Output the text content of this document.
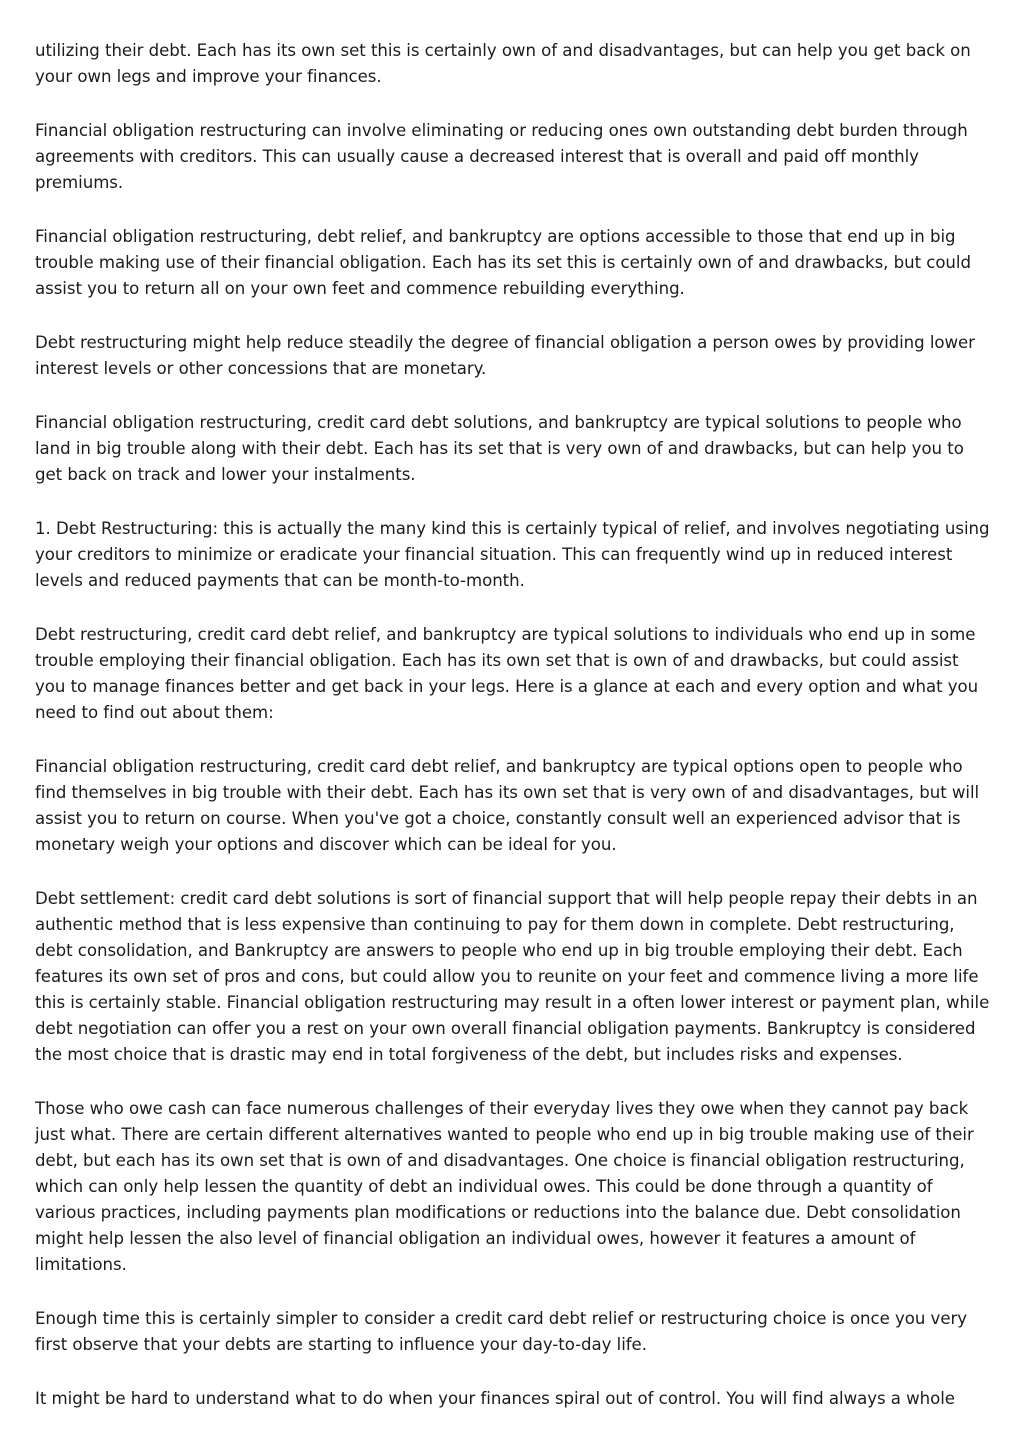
utilizing their debt. Each has its own set this is certainly own of and disadvantages, but can help you get back on your own legs and improve your finances.

Financial obligation restructuring can involve eliminating or reducing ones own outstanding debt burden through agreements with creditors. This can usually cause a decreased interest that is overall and paid off monthly premiums.

Financial obligation restructuring, debt relief, and bankruptcy are options accessible to those that end up in big trouble making use of their financial obligation. Each has its set this is certainly own of and drawbacks, but could assist you to return all on your own feet and commence rebuilding everything.

Debt restructuring might help reduce steadily the degree of financial obligation a person owes by providing lower interest levels or other concessions that are monetary.

Financial obligation restructuring, credit card debt solutions, and bankruptcy are typical solutions to people who land in big trouble along with their debt. Each has its set that is very own of and drawbacks, but can help you to get back on track and lower your instalments.

1. Debt Restructuring: this is actually the many kind this is certainly typical of relief, and involves negotiating using your creditors to minimize or eradicate your financial situation. This can frequently wind up in reduced interest levels and reduced payments that can be month-to-month.

Debt restructuring, credit card debt relief, and bankruptcy are typical solutions to individuals who end up in some trouble employing their financial obligation. Each has its own set that is own of and drawbacks, but could assist you to manage finances better and get back in your legs. Here is a glance at each and every option and what you need to find out about them:

Financial obligation restructuring, credit card debt relief, and bankruptcy are typical options open to people who find themselves in big trouble with their debt. Each has its own set that is very own of and disadvantages, but will assist you to return on course. When you've got a choice, constantly consult well an experienced advisor that is monetary weigh your options and discover which can be ideal for you.

Debt settlement: credit card debt solutions is sort of financial support that will help people repay their debts in an authentic method that is less expensive than continuing to pay for them down in complete. Debt restructuring, debt consolidation, and Bankruptcy are answers to people who end up in big trouble employing their debt. Each features its own set of pros and cons, but could allow you to reunite on your feet and commence living a more life this is certainly stable. Financial obligation restructuring may result in a often lower interest or payment plan, while debt negotiation can offer you a rest on your own overall financial obligation payments. Bankruptcy is considered the most choice that is drastic may end in total forgiveness of the debt, but includes risks and expenses.

Those who owe cash can face numerous challenges of their everyday lives they owe when they cannot pay back just what. There are certain different alternatives wanted to people who end up in big trouble making use of their debt, but each has its own set that is own of and disadvantages. One choice is financial obligation restructuring, which can only help lessen the quantity of debt an individual owes. This could be done through a quantity of various practices, including payments plan modifications or reductions into the balance due. Debt consolidation might help lessen the also level of financial obligation an individual owes, however it features a amount of limitations.

Enough time this is certainly simpler to consider a credit card debt relief or restructuring choice is once you very first observe that your debts are starting to influence your day-to-day life.

It might be hard to understand what to do when your finances spiral out of control. You will find always a whole
